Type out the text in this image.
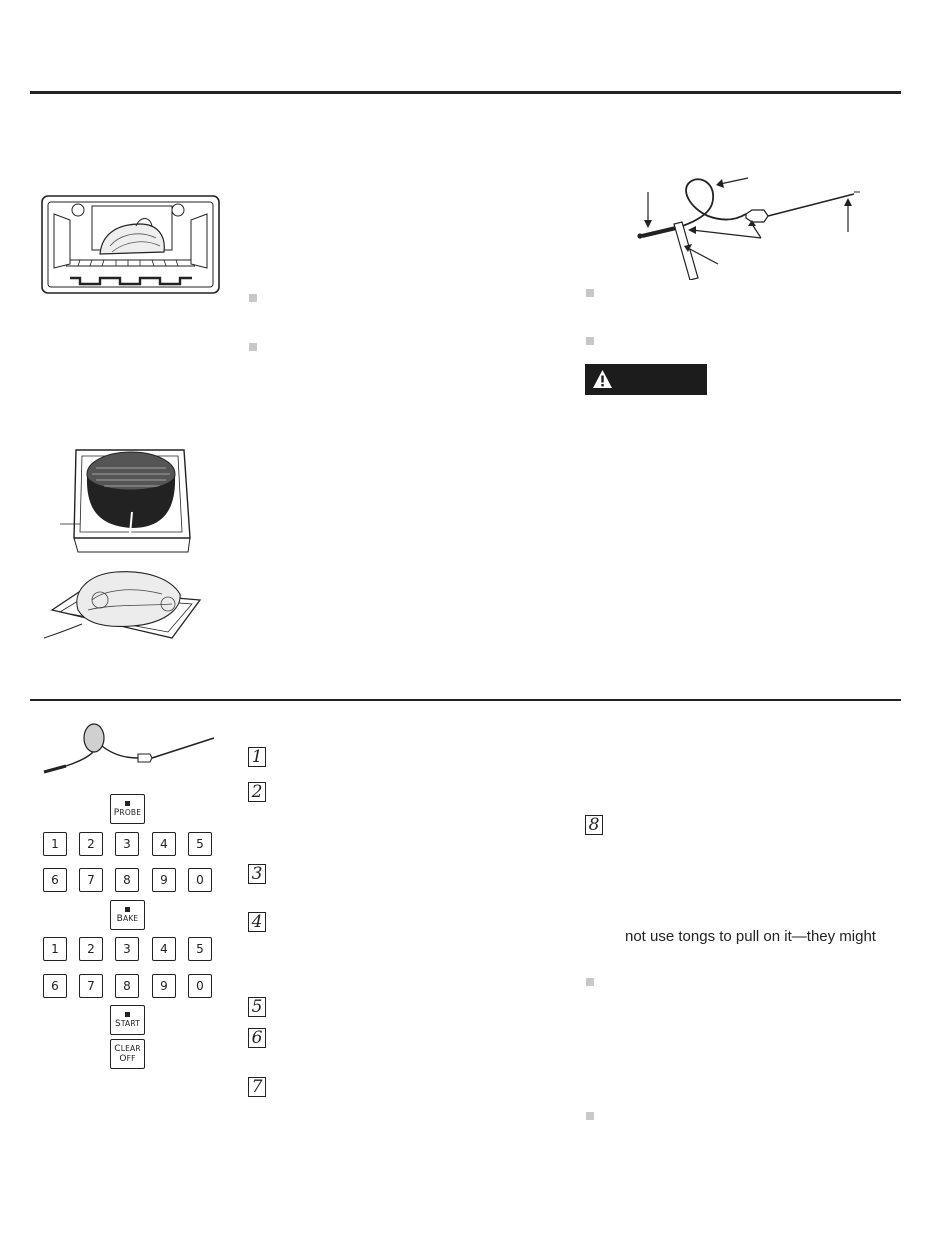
PROBE
1	2	3	4	5
6	7	8	9	0
BAKE
1	2	3	4	5
6	7	8	9	0
START
CLEAR
OFF
1
2
3
4
5
6
7
8
not use tongs to pull on it—they might
